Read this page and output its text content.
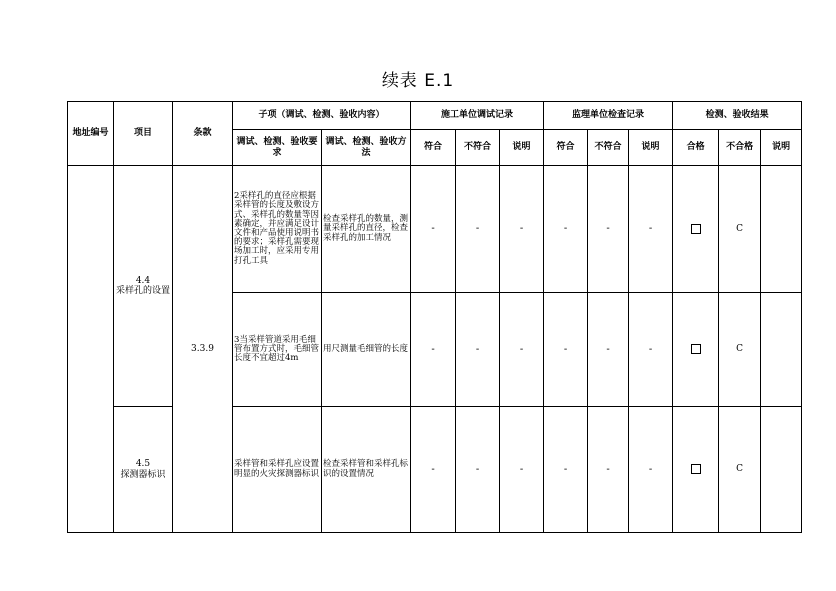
续表 E.1
地址编号	项目	条款	子项（调试、检测、验收内容）		施工单位调试记录			监理单位检查记录			检测、验收结果		
			调试、检测、验收要求	调试、检测、验收方法	符合	不符合	说明	符合	不符合	说明	合格	不合格	说明

	4.4
采样孔的设置	3.3.9	2采样孔的直径应根据采样管的长度及敷设方式、采样孔的数量等因素确定，并应满足设计文件和产品使用说明书的要求；采样孔需要现场加工时，应采用专用打孔工具	检查采样孔的数量，测量采样孔的直径，检查采样孔的加工情况	-	-	-	-	-	-		C	
			3当采样管道采用毛细管布置方式时，毛细管长度不宜超过4m	用尺测量毛细管的长度	-	-	-	-	-	-		C	

	4.5
探测器标识		采样管和采样孔应设置明显的火灾探测器标识	检查采样管和采样孔标识的设置情况	-	-	-	-	-	-		C	
